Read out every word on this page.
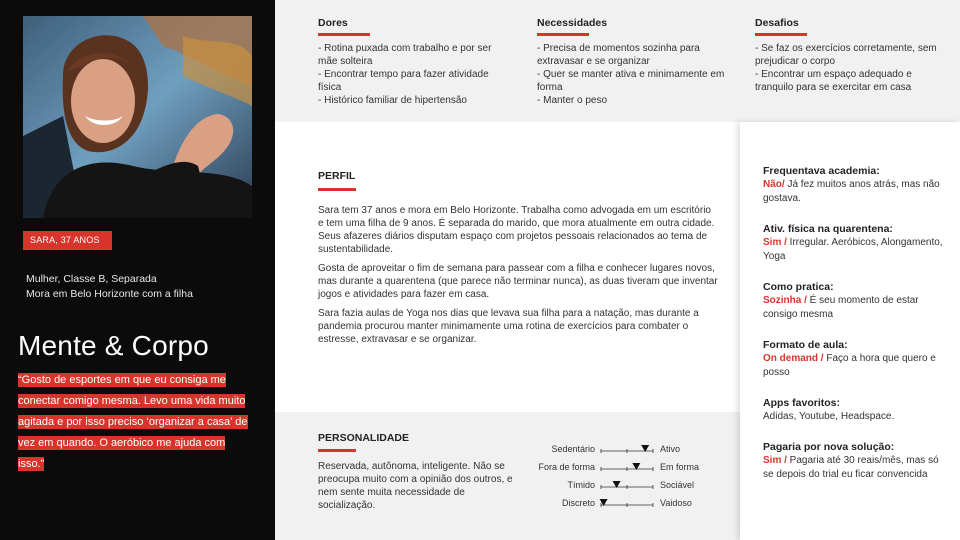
SARA, 37 ANOS
Mulher, Classe B, Separada
Mora em Belo Horizonte com a filha
Mente & Corpo
“Gosto de esportes em que eu consiga me conectar comigo mesma. Levo uma vida muito agitada e por isso preciso ‘organizar a casa’ de vez em quando. O aeróbico me ajuda com isso.”
Dores

- Rotina puxada com trabalho e por ser mãe solteira

- Encontrar tempo para fazer atividade física

- Histórico familiar de hipertensão

Necessidades

- Precisa de momentos sozinha para extravasar e se organizar

- Quer se manter ativa e minimamente em forma

- Manter o peso

Desafios

- Se faz os exercícios corretamente, sem prejudicar o corpo

- Encontrar um espaço adequado e tranquilo para se exercitar em casa

PERFIL

Sara tem 37 anos e mora em Belo Horizonte. Trabalha como advogada em um escritório e tem uma filha de 9 anos. É separada do marido, que mora atualmente em outra cidade. Seus afazeres diários disputam espaço com projetos pessoais relacionados ao tema de sustentabilidade.

Gosta de aproveitar o fim de semana para passear com a filha e conhecer lugares novos, mas durante a quarentena (que parece não terminar nunca), as duas tiveram que inventar jogos e atividades para fazer em casa.

Sara fazia aulas de Yoga nos dias que levava sua filha para a natação, mas durante a pandemia procurou manter minimamente uma rotina de exercícios para combater o estresse, extravasar e se organizar.

PERSONALIDADE
Reservada, autônoma, inteligente. Não se preocupa muito com a opinião dos outros, e nem sente muita necessidade de socialização.
Sedentário	Ativo
Fora de forma	Em forma
Tímido	Sociável
Discreto	Vaidoso
Frequentava academia:
Não/ Já fez muitos anos atrás, mas não gostava.
Ativ. física na quarentena:
Sim / Irregular. Aeróbicos, Alongamento, Yoga
Como pratica:
Sozinha / É seu momento de estar consigo mesma
Formato de aula:
On demand / Faço a hora que quero e posso
Apps favoritos:
Adidas, Youtube, Headspace.
Pagaria por nova solução:
Sim / Pagaria até 30 reais/mês, mas só se depois do trial eu ficar convencida
